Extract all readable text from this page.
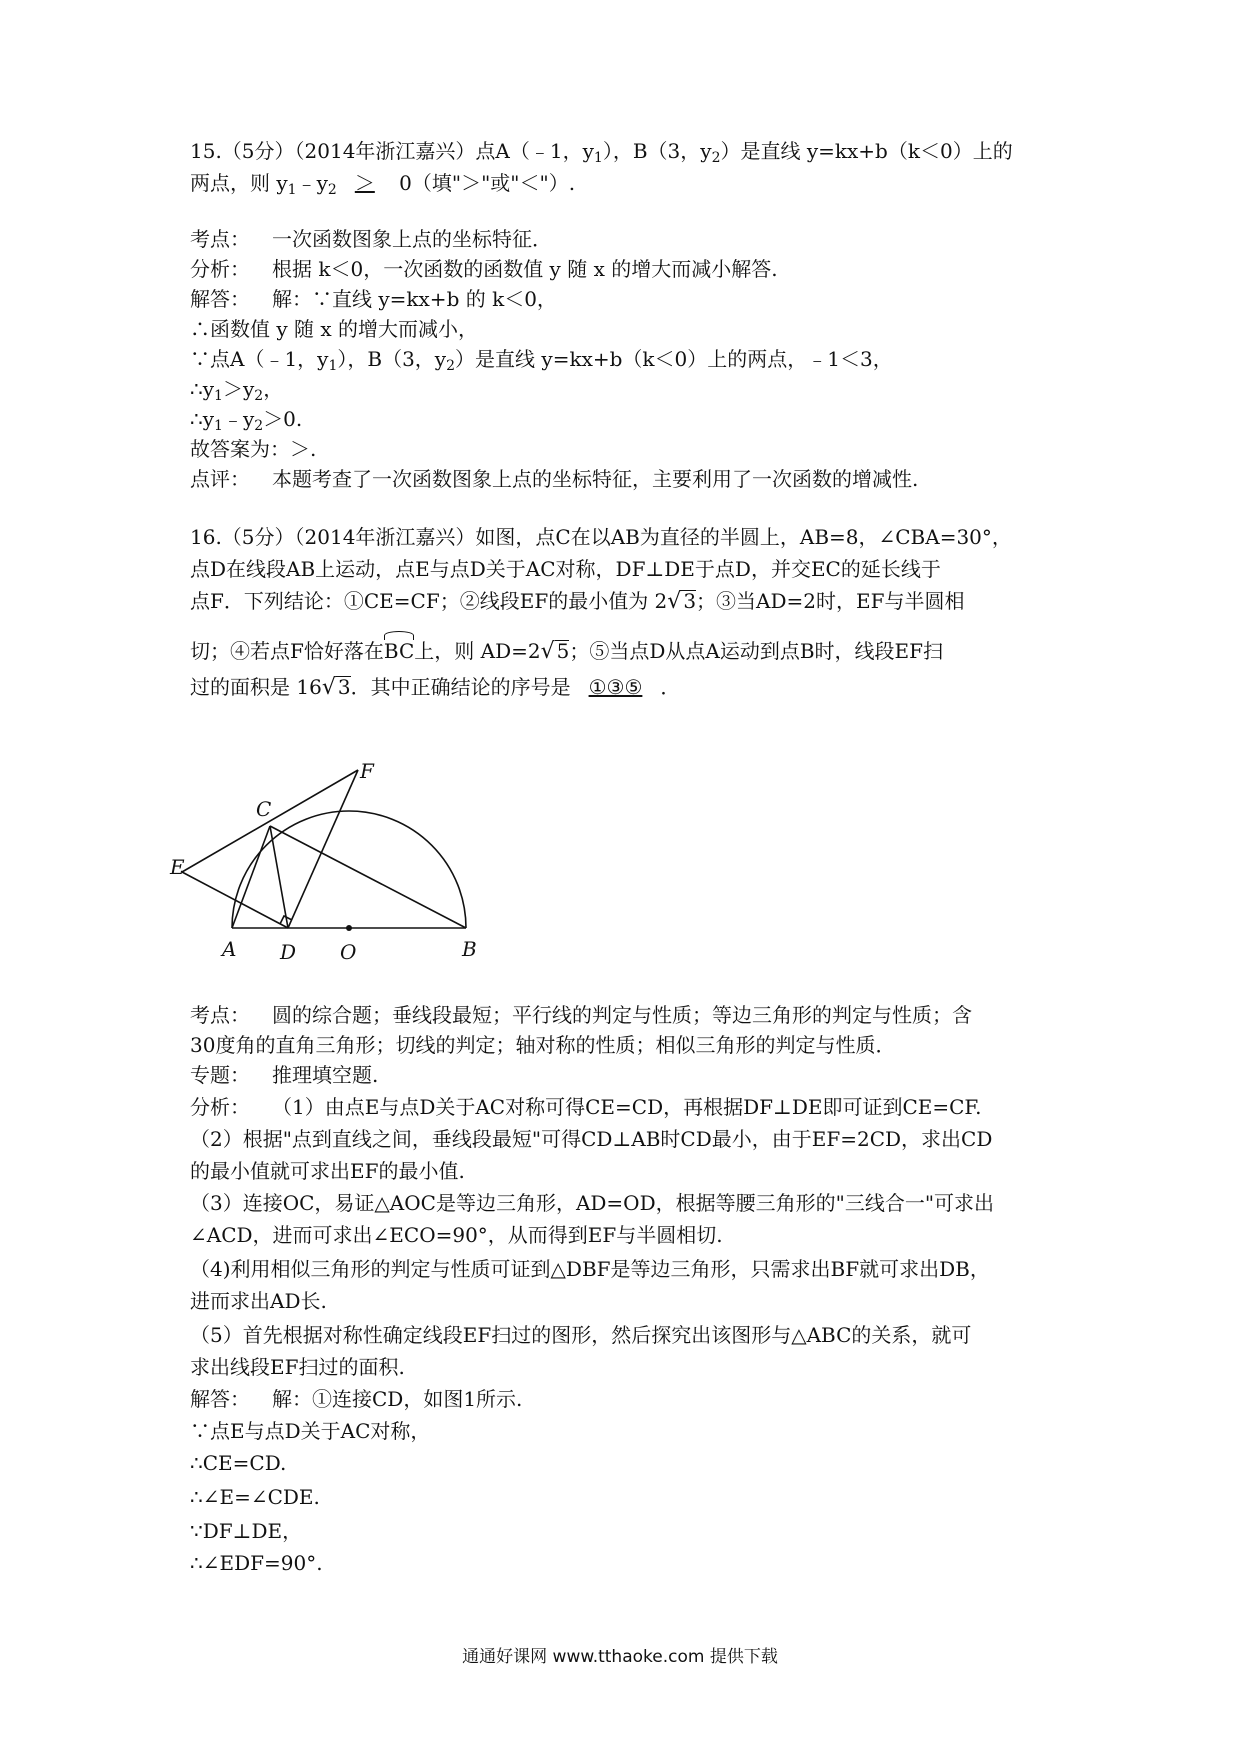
15.（5分）（2014年浙江嘉兴）点A（﹣1，$y_1$），B（3，$y_2$）是直线 y=kx+b（k＜0）上的
两点，则 $y_1﹣y_2 > 0$（填"＞"或"＜"）.
考点： 一次函数图象上点的坐标特征．
分析： 根据 k＜0，一次函数的函数值 y 随 x 的增大而减小解答.
解答： 解：∵直线 y=kx+b 的 k＜0，
∴函数值 y 随 x 的增大而减小，
∵点A（﹣1，$y_1$），B（3，$y_2$）是直线 y=kx+b（k＜0）上的两点，﹣1＜3，
$\therefore y_1>y_2$，
$\therefore y_1﹣y_2>0$.
故答案为：＞.
点评： 本题考查了一次函数图象上点的坐标特征，主要利用了一次函数的增减性.
16.（5分）（2014年浙江嘉兴）如图，点C在以AB为直径的半圆上，AB=8，∠CBA=30°，
点D在线段AB上运动，点E与点D关于AC对称，DF⊥DE于点D，并交EC的延长线于
点F．下列结论：①CE=CF；②线段EF的最小值为 2√ 3；③当AD=2时，EF与半圆相
切；④若点F恰好落在BC上，则 AD=2√ 5；⑤当点D从点A运动到点B时，线段EF扫
过的面积是 16√ 3．其中正确结论的序号是 ①③⑤ ．
A D O	B
C
E
F
考点： 圆的综合题；垂线段最短；平行线的判定与性质；等边三角形的判定与性质；含
30度角的直角三角形；切线的判定；轴对称的性质；相似三角形的判定与性质．
专题： 推理填空题.
分析： （1）由点E与点D关于AC对称可得CE=CD，再根据DF⊥DE即可证到CE=CF.
（2）根据"点到直线之间，垂线段最短"可得CD⊥AB时CD最小，由于EF=2CD，求出CD
的最小值就可求出EF的最小值.
（3）连接OC，易证△AOC是等边三角形，AD=OD，根据等腰三角形的"三线合一"可求出
∠ACD，进而可求出∠ECO=90°，从而得到EF与半圆相切.
（4)利用相似三角形的判定与性质可证到△DBF是等边三角形，只需求出BF就可求出DB，
进而求出AD长.
（5）首先根据对称性确定线段EF扫过的图形，然后探究出该图形与△ABC的关系，就可
求出线段EF扫过的面积.
解答： 解：①连接CD，如图1所示.
∵点E与点D关于AC对称，
∴CE=CD.
∴∠E=∠CDE.
∵DF⊥DE，
∴∠EDF=90°.
通通好课网 www.tthaoke.com 提供下载
